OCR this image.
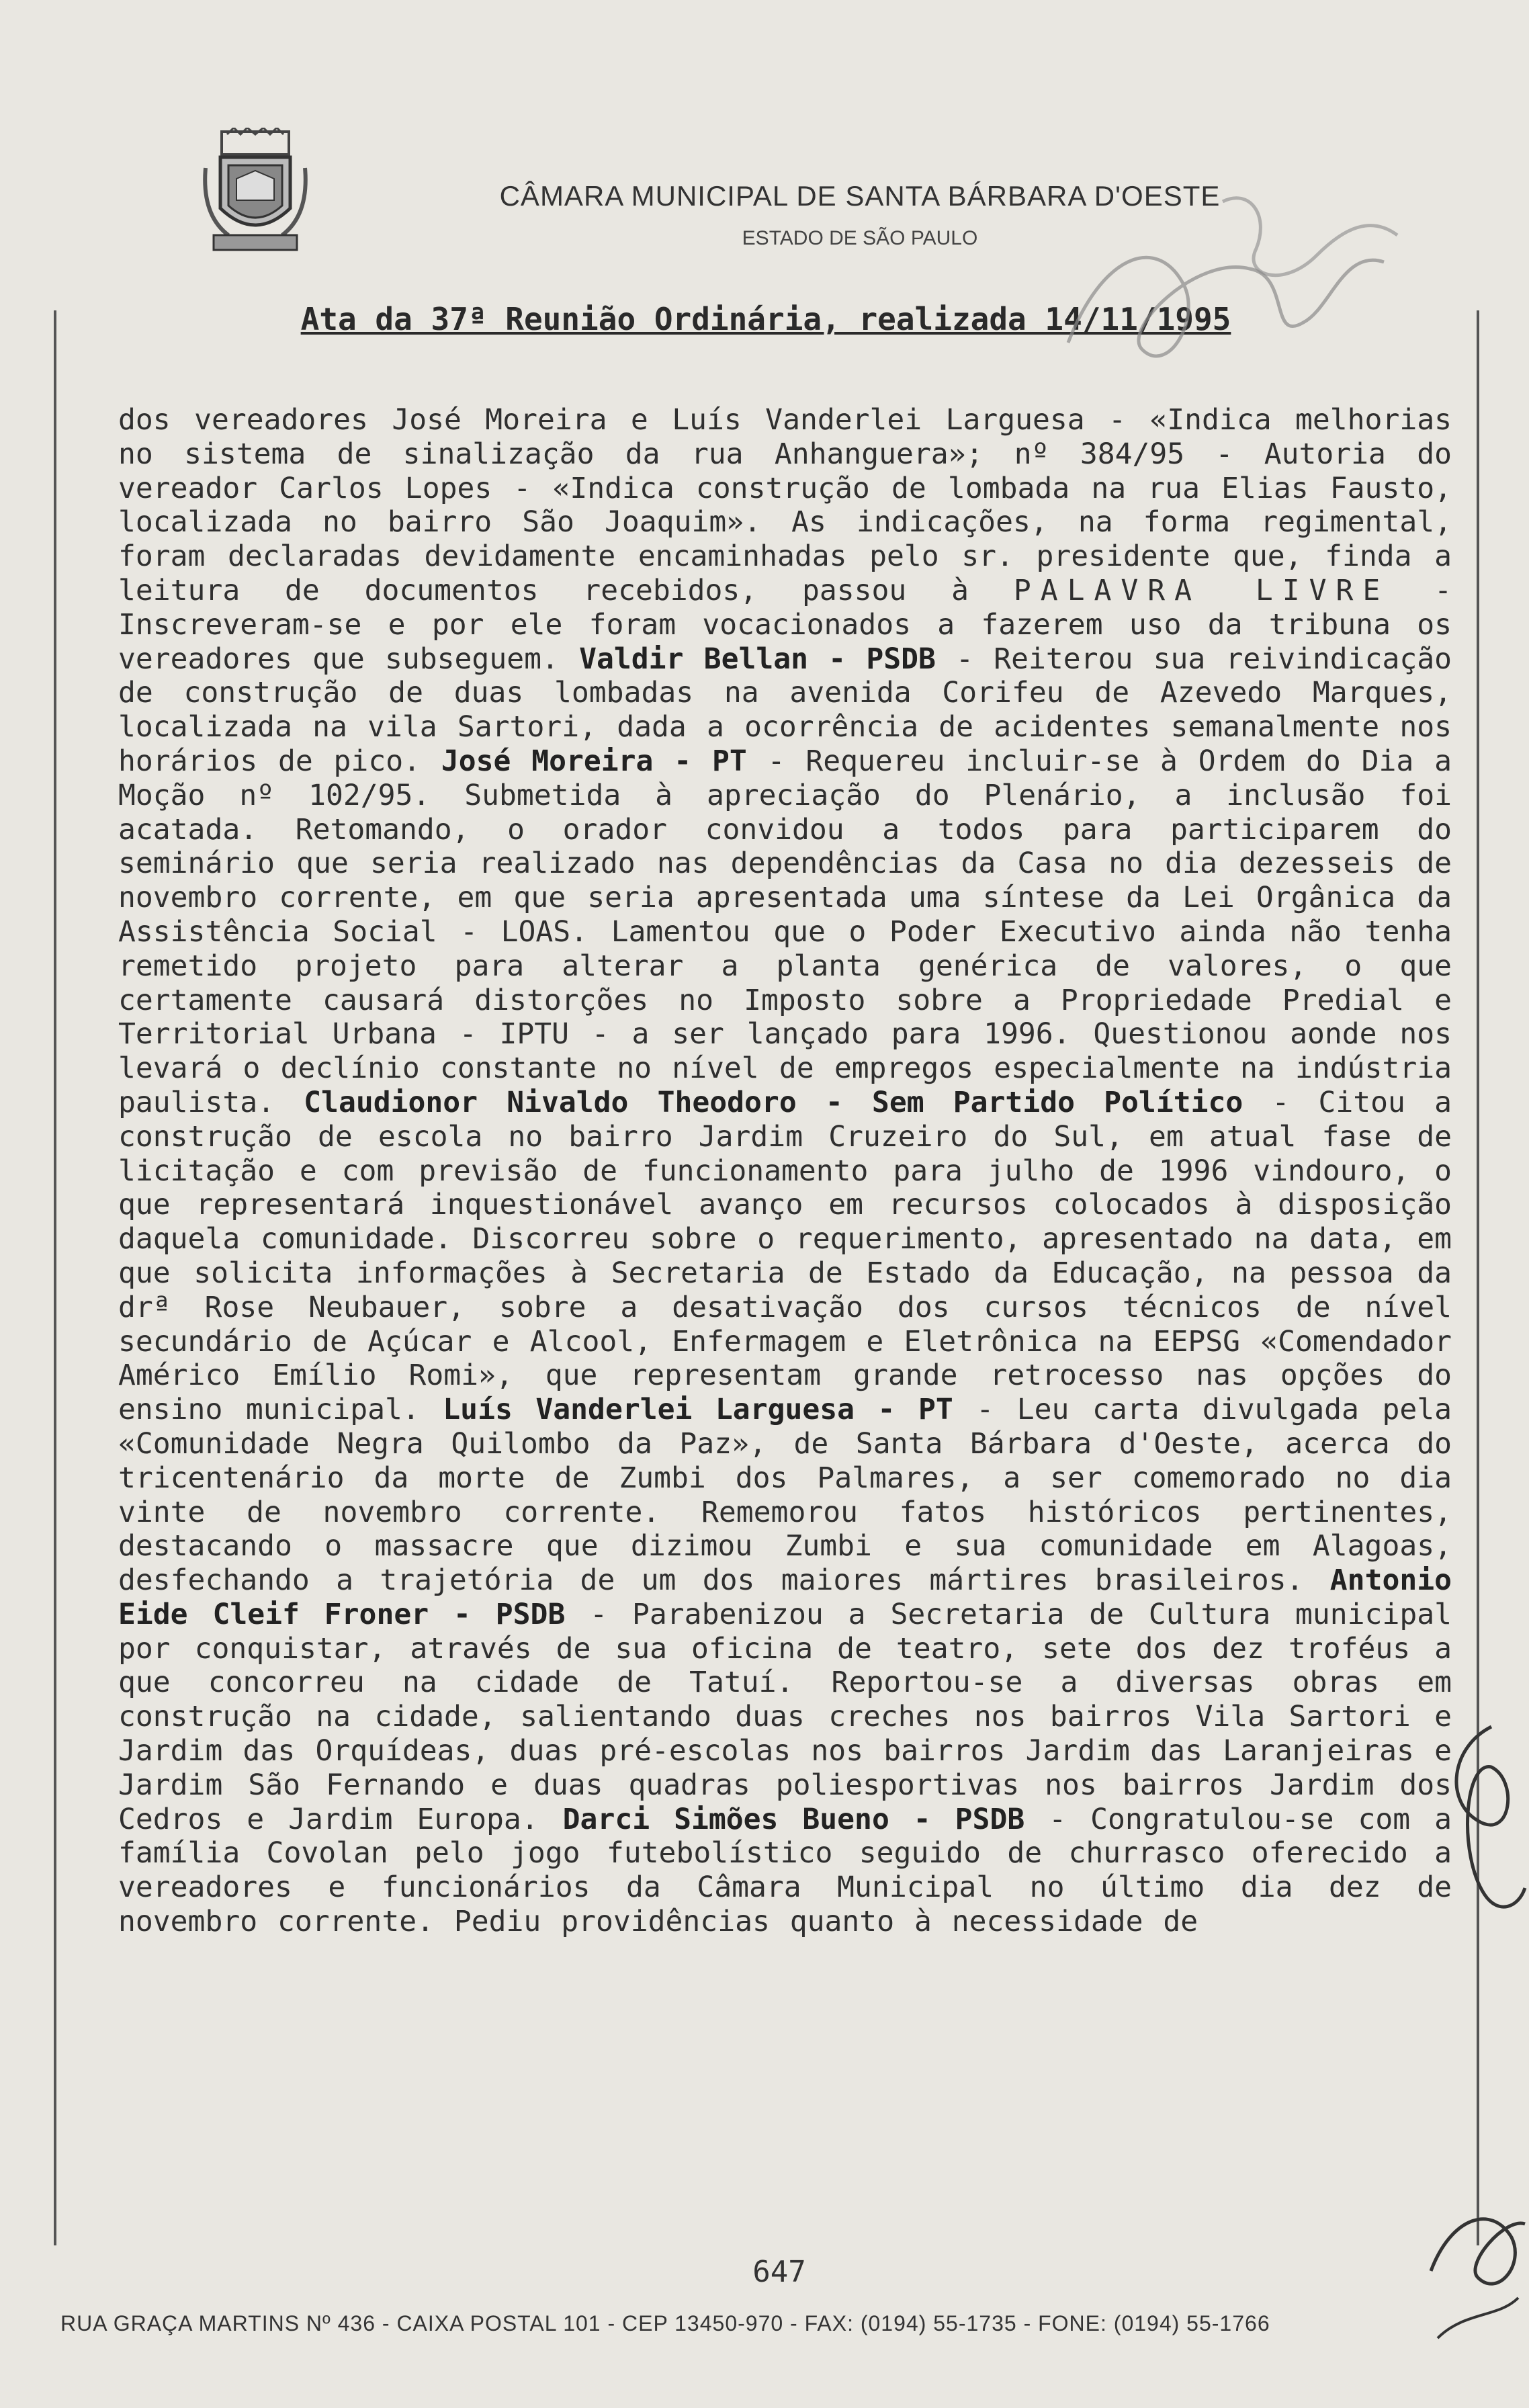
CÂMARA MUNICIPAL DE SANTA BÁRBARA D'OESTE
ESTADO DE SÃO PAULO
Ata da 37ª Reunião Ordinária, realizada 14/11/1995

dos vereadores José Moreira e Luís Vanderlei Larguesa - «Indica melhorias no sistema de sinalização da rua Anhanguera»; nº 384/95 - Autoria do vereador Carlos Lopes - «Indica construção de lombada na rua Elias Fausto, localizada no bairro São Joaquim». As indicações, na forma regimental, foram declaradas devidamente encaminhadas pelo sr. presidente que, finda a leitura de documentos recebidos, passou à PALAVRA LIVRE - Inscreveram-se e por ele foram vocacionados a fazerem uso da tribuna os vereadores que subseguem. Valdir Bellan - PSDB - Reiterou sua reivindicação de construção de duas lombadas na avenida Corifeu de Azevedo Marques, localizada na vila Sartori, dada a ocorrência de acidentes semanalmente nos horários de pico. José Moreira - PT - Requereu incluir-se à Ordem do Dia a Moção nº 102/95. Submetida à apreciação do Plenário, a inclusão foi acatada. Retomando, o orador convidou a todos para participarem do seminário que seria realizado nas dependências da Casa no dia dezesseis de novembro corrente, em que seria apresentada uma síntese da Lei Orgânica da Assistência Social - LOAS. Lamentou que o Poder Executivo ainda não tenha remetido projeto para alterar a planta genérica de valores, o que certamente causará distorções no Imposto sobre a Propriedade Predial e Territorial Urbana - IPTU - a ser lançado para 1996. Questionou aonde nos levará o declínio constante no nível de empregos especialmente na indústria paulista. Claudionor Nivaldo Theodoro - Sem Partido Político - Citou a construção de escola no bairro Jardim Cruzeiro do Sul, em atual fase de licitação e com previsão de funcionamento para julho de 1996 vindouro, o que representará inquestionável avanço em recursos colocados à disposição daquela comunidade. Discorreu sobre o requerimento, apresentado na data, em que solicita informações à Secretaria de Estado da Educação, na pessoa da drª Rose Neubauer, sobre a desativação dos cursos técnicos de nível secundário de Açúcar e Alcool, Enfermagem e Eletrônica na EEPSG «Comendador Américo Emílio Romi», que representam grande retrocesso nas opções do ensino municipal. Luís Vanderlei Larguesa - PT - Leu carta divulgada pela «Comunidade Negra Quilombo da Paz», de Santa Bárbara d'Oeste, acerca do tricentenário da morte de Zumbi dos Palmares, a ser comemorado no dia vinte de novembro corrente. Rememorou fatos históricos pertinentes, destacando o massacre que dizimou Zumbi e sua comunidade em Alagoas, desfechando a trajetória de um dos maiores mártires brasileiros. Antonio Eide Cleif Froner - PSDB - Parabenizou a Secretaria de Cultura municipal por conquistar, através de sua oficina de teatro, sete dos dez troféus a que concorreu na cidade de Tatuí. Reportou-se a diversas obras em construção na cidade, salientando duas creches nos bairros Vila Sartori e Jardim das Orquídeas, duas pré-escolas nos bairros Jardim das Laranjeiras e Jardim São Fernando e duas quadras poliesportivas nos bairros Jardim dos Cedros e Jardim Europa. Darci Simões Bueno - PSDB - Congratulou-se com a família Covolan pelo jogo futebolístico seguido de churrasco oferecido a vereadores e funcionários da Câmara Municipal no último dia dez de novembro corrente. Pediu providências quanto à necessidade de

647
RUA GRAÇA MARTINS Nº 436 - CAIXA POSTAL 101 - CEP 13450-970 - FAX: (0194) 55-1735 - FONE: (0194) 55-1766
